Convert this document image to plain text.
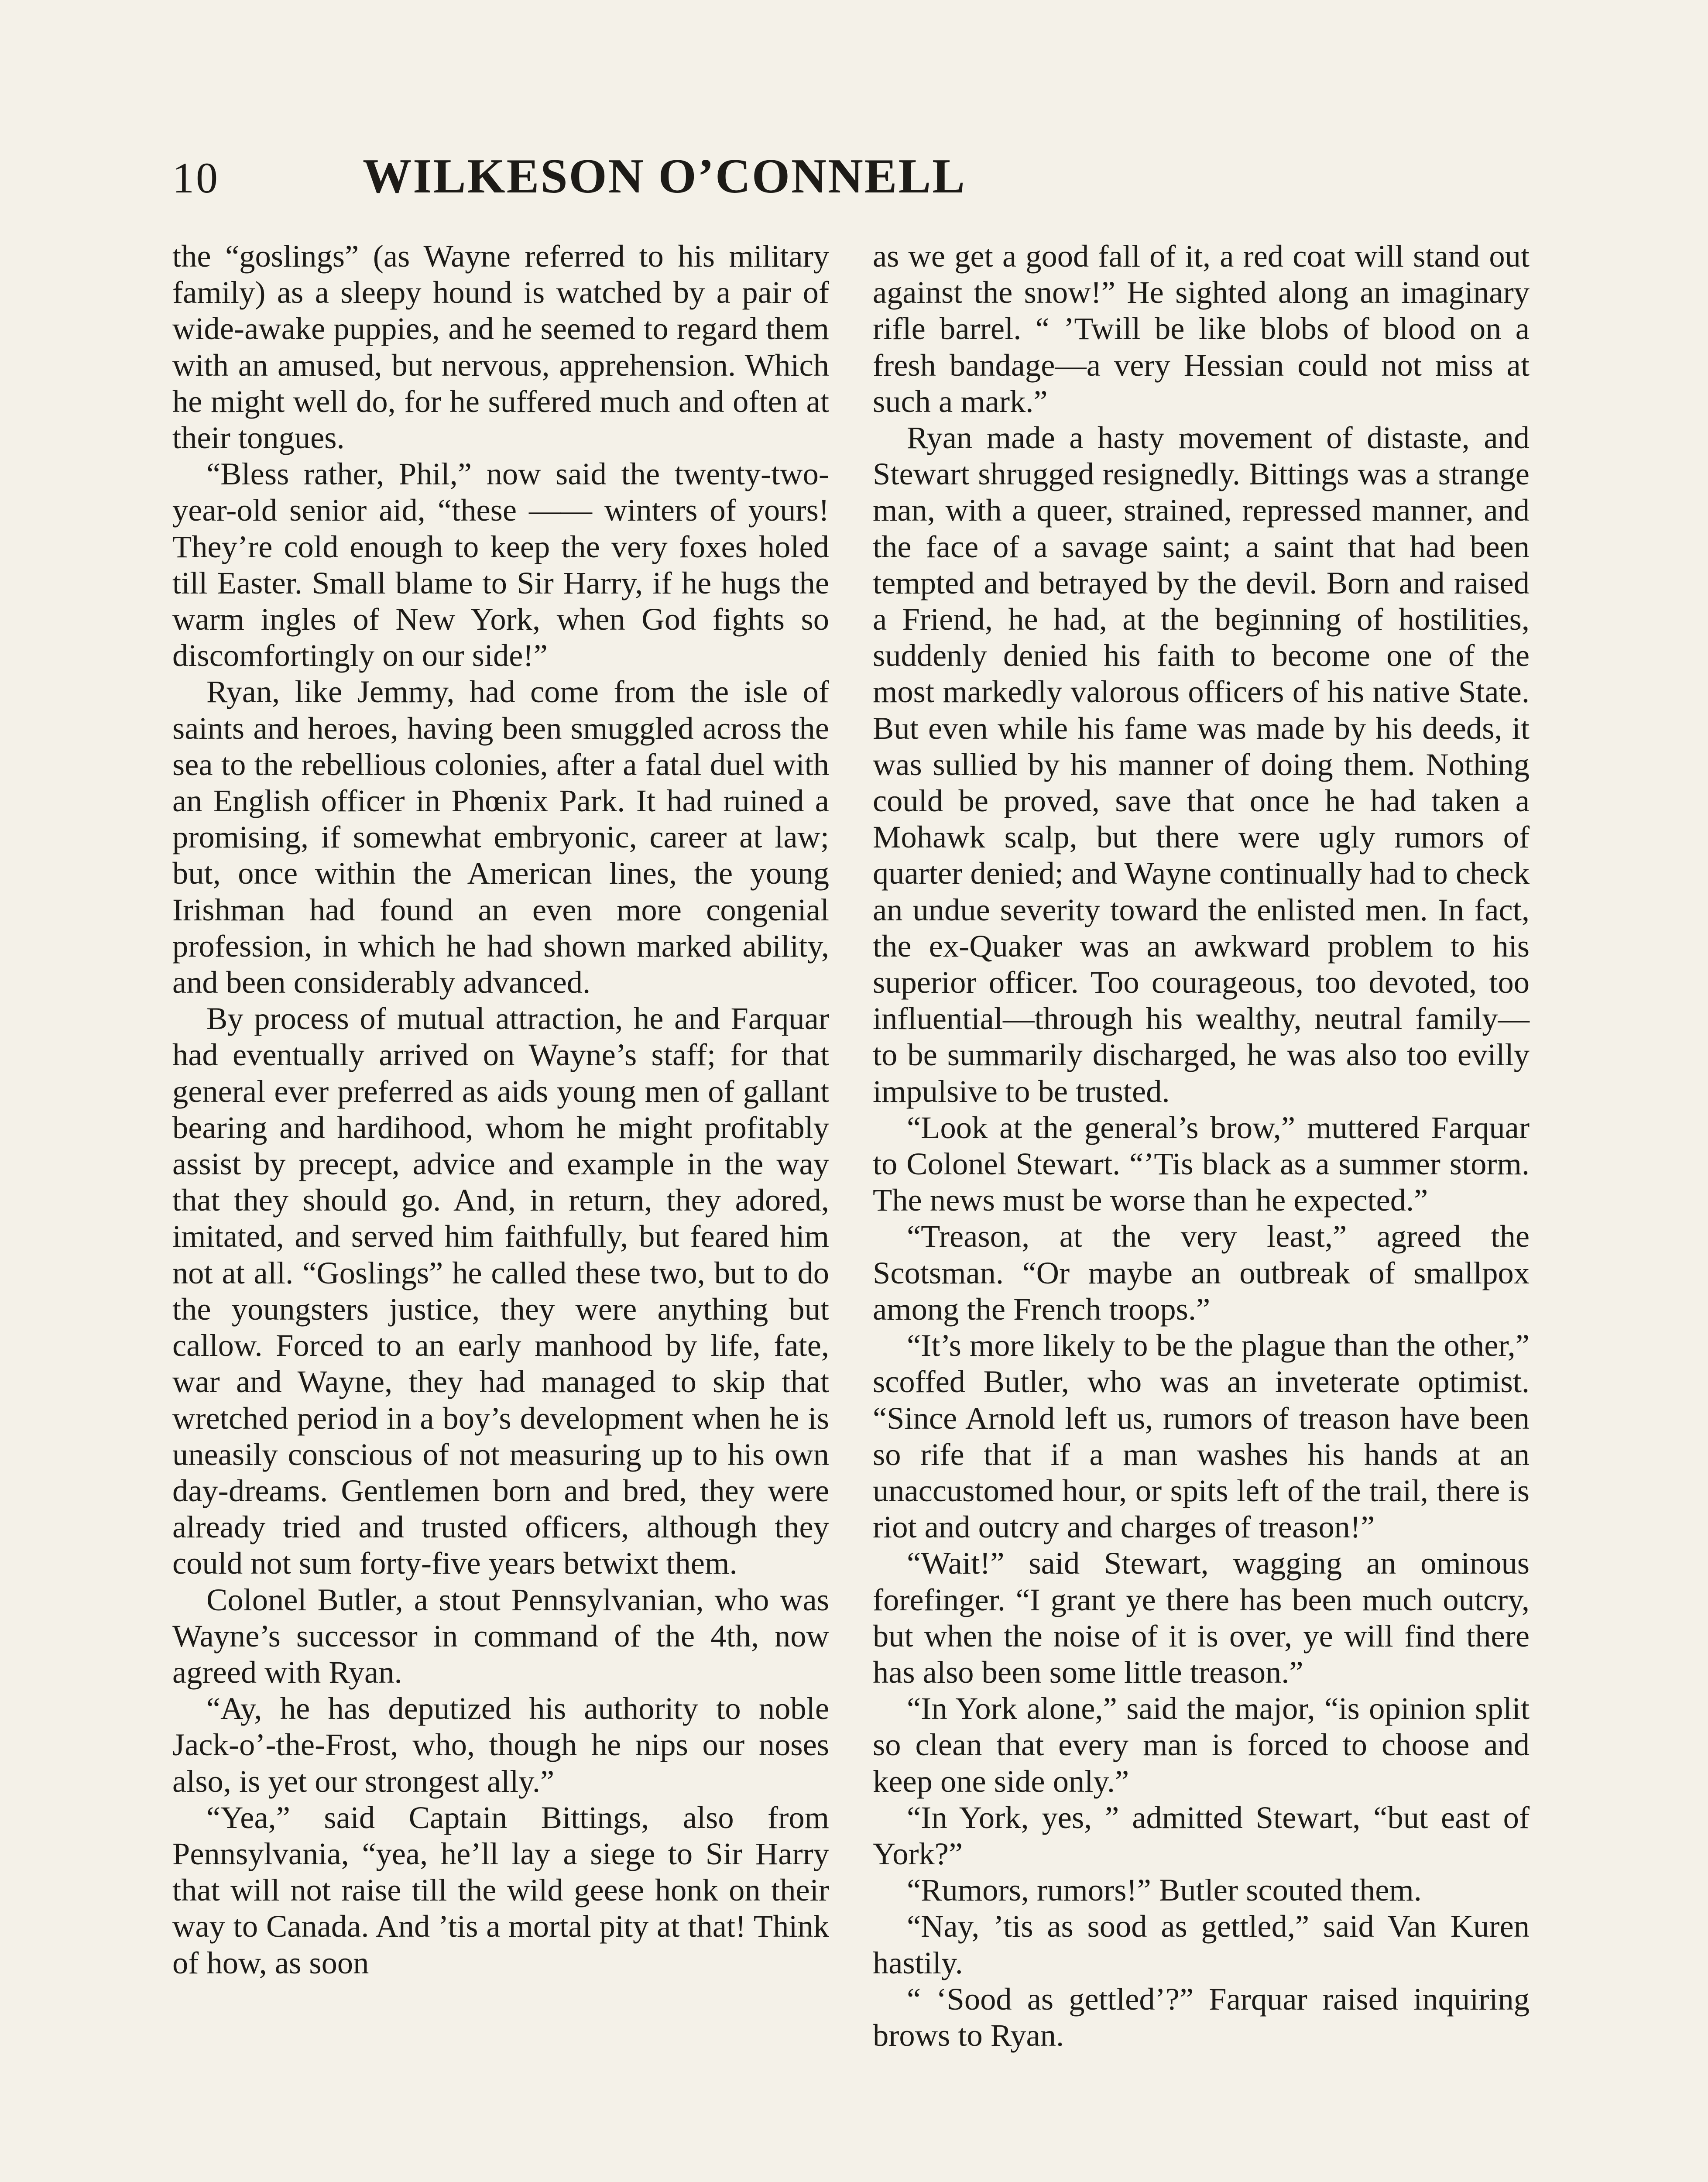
10	WILKESON O’CONNELL

the “goslings” (as Wayne referred to his military family) as a sleepy hound is watched by a pair of wide-awake puppies, and he seemed to regard them with an amused, but nervous, apprehension. Which he might well do, for he suffered much and often at their tongues.

“Bless rather, Phil,” now said the twenty-two-year-old senior aid, “these —— winters of yours! They’re cold enough to keep the very foxes holed till Easter. Small blame to Sir Harry, if he hugs the warm ingles of New York, when God fights so discomfortingly on our side!”

Ryan, like Jemmy, had come from the isle of saints and heroes, having been smuggled across the sea to the rebellious colonies, after a fatal duel with an English officer in Phœnix Park. It had ruined a promising, if somewhat embryonic, career at law; but, once within the American lines, the young Irishman had found an even more congenial profession, in which he had shown marked ability, and been considerably advanced.

By process of mutual attraction, he and Farquar had eventually arrived on Wayne’s staff; for that general ever preferred as aids young men of gallant bearing and hardihood, whom he might profitably assist by precept, advice and example in the way that they should go. And, in return, they adored, imitated, and served him faithfully, but feared him not at all. “Goslings” he called these two, but to do the youngsters justice, they were anything but callow. Forced to an early manhood by life, fate, war and Wayne, they had managed to skip that wretched period in a boy’s development when he is uneasily conscious of not measuring up to his own day-dreams. Gentlemen born and bred, they were already tried and trusted officers, although they could not sum forty-five years betwixt them.

Colonel Butler, a stout Pennsylvanian, who was Wayne’s successor in command of the 4th, now agreed with Ryan.

“Ay, he has deputized his authority to noble Jack-o’-the-Frost, who, though he nips our noses also, is yet our strongest ally.”

“Yea,” said Captain Bittings, also from Pennsylvania, “yea, he’ll lay a siege to Sir Harry that will not raise till the wild geese honk on their way to Canada. And ’tis a mortal pity at that! Think of how, as soon

as we get a good fall of it, a red coat will stand out against the snow!” He sighted along an imaginary rifle barrel. “ ’Twill be like blobs of blood on a fresh bandage—a very Hessian could not miss at such a mark.”

Ryan made a hasty movement of distaste, and Stewart shrugged resignedly. Bittings was a strange man, with a queer, strained, repressed manner, and the face of a savage saint; a saint that had been tempted and betrayed by the devil. Born and raised a Friend, he had, at the beginning of hostilities, suddenly denied his faith to become one of the most markedly valorous officers of his native State. But even while his fame was made by his deeds, it was sullied by his manner of doing them. Nothing could be proved, save that once he had taken a Mohawk scalp, but there were ugly rumors of quarter denied; and Wayne continually had to check an undue severity toward the enlisted men. In fact, the ex-Quaker was an awkward problem to his superior officer. Too courageous, too devoted, too influential—through his wealthy, neutral family—to be summarily discharged, he was also too evilly impulsive to be trusted.

“Look at the general’s brow,” muttered Farquar to Colonel Stewart. “’Tis black as a summer storm. The news must be worse than he expected.”

“Treason, at the very least,” agreed the Scotsman. “Or maybe an outbreak of smallpox among the French troops.”

“It’s more likely to be the plague than the other,” scoffed Butler, who was an inveterate optimist. “Since Arnold left us, rumors of treason have been so rife that if a man washes his hands at an unaccustomed hour, or spits left of the trail, there is riot and outcry and charges of treason!”

“Wait!” said Stewart, wagging an ominous forefinger. “I grant ye there has been much outcry, but when the noise of it is over, ye will find there has also been some little treason.”

“In York alone,” said the major, “is opinion split so clean that every man is forced to choose and keep one side only.”

“In York, yes, ” admitted Stewart, “but east of York?”

“Rumors, rumors!” Butler scouted them.

“Nay, ’tis as sood as gettled,” said Van Kuren hastily.

“ ‘Sood as gettled’?” Farquar raised inquiring brows to Ryan.
